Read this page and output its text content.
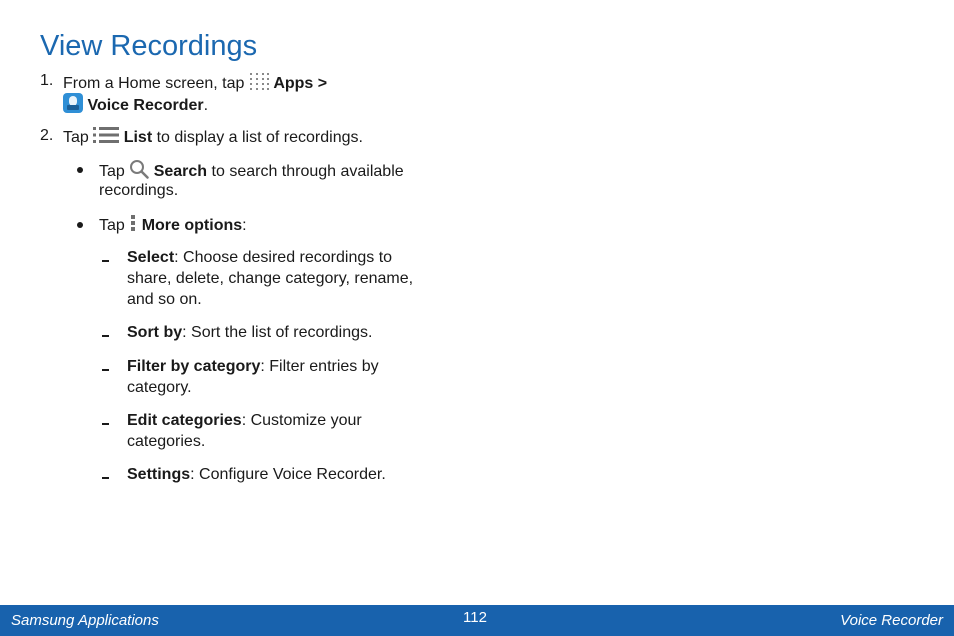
View Recordings
1. From a Home screen, tap Apps >
Voice Recorder.
2. Tap List to display a list of recordings.
Tap Search to search through available
recordings.
Tap More options:
Select: Choose desired recordings to
share, delete, change category, rename,
and so on.
Sort by: Sort the list of recordings.
Filter by category: Filter entries by
category.
Edit categories: Customize your
categories.
Settings: Configure Voice Recorder.
Samsung Applications	112	Voice Recorder
